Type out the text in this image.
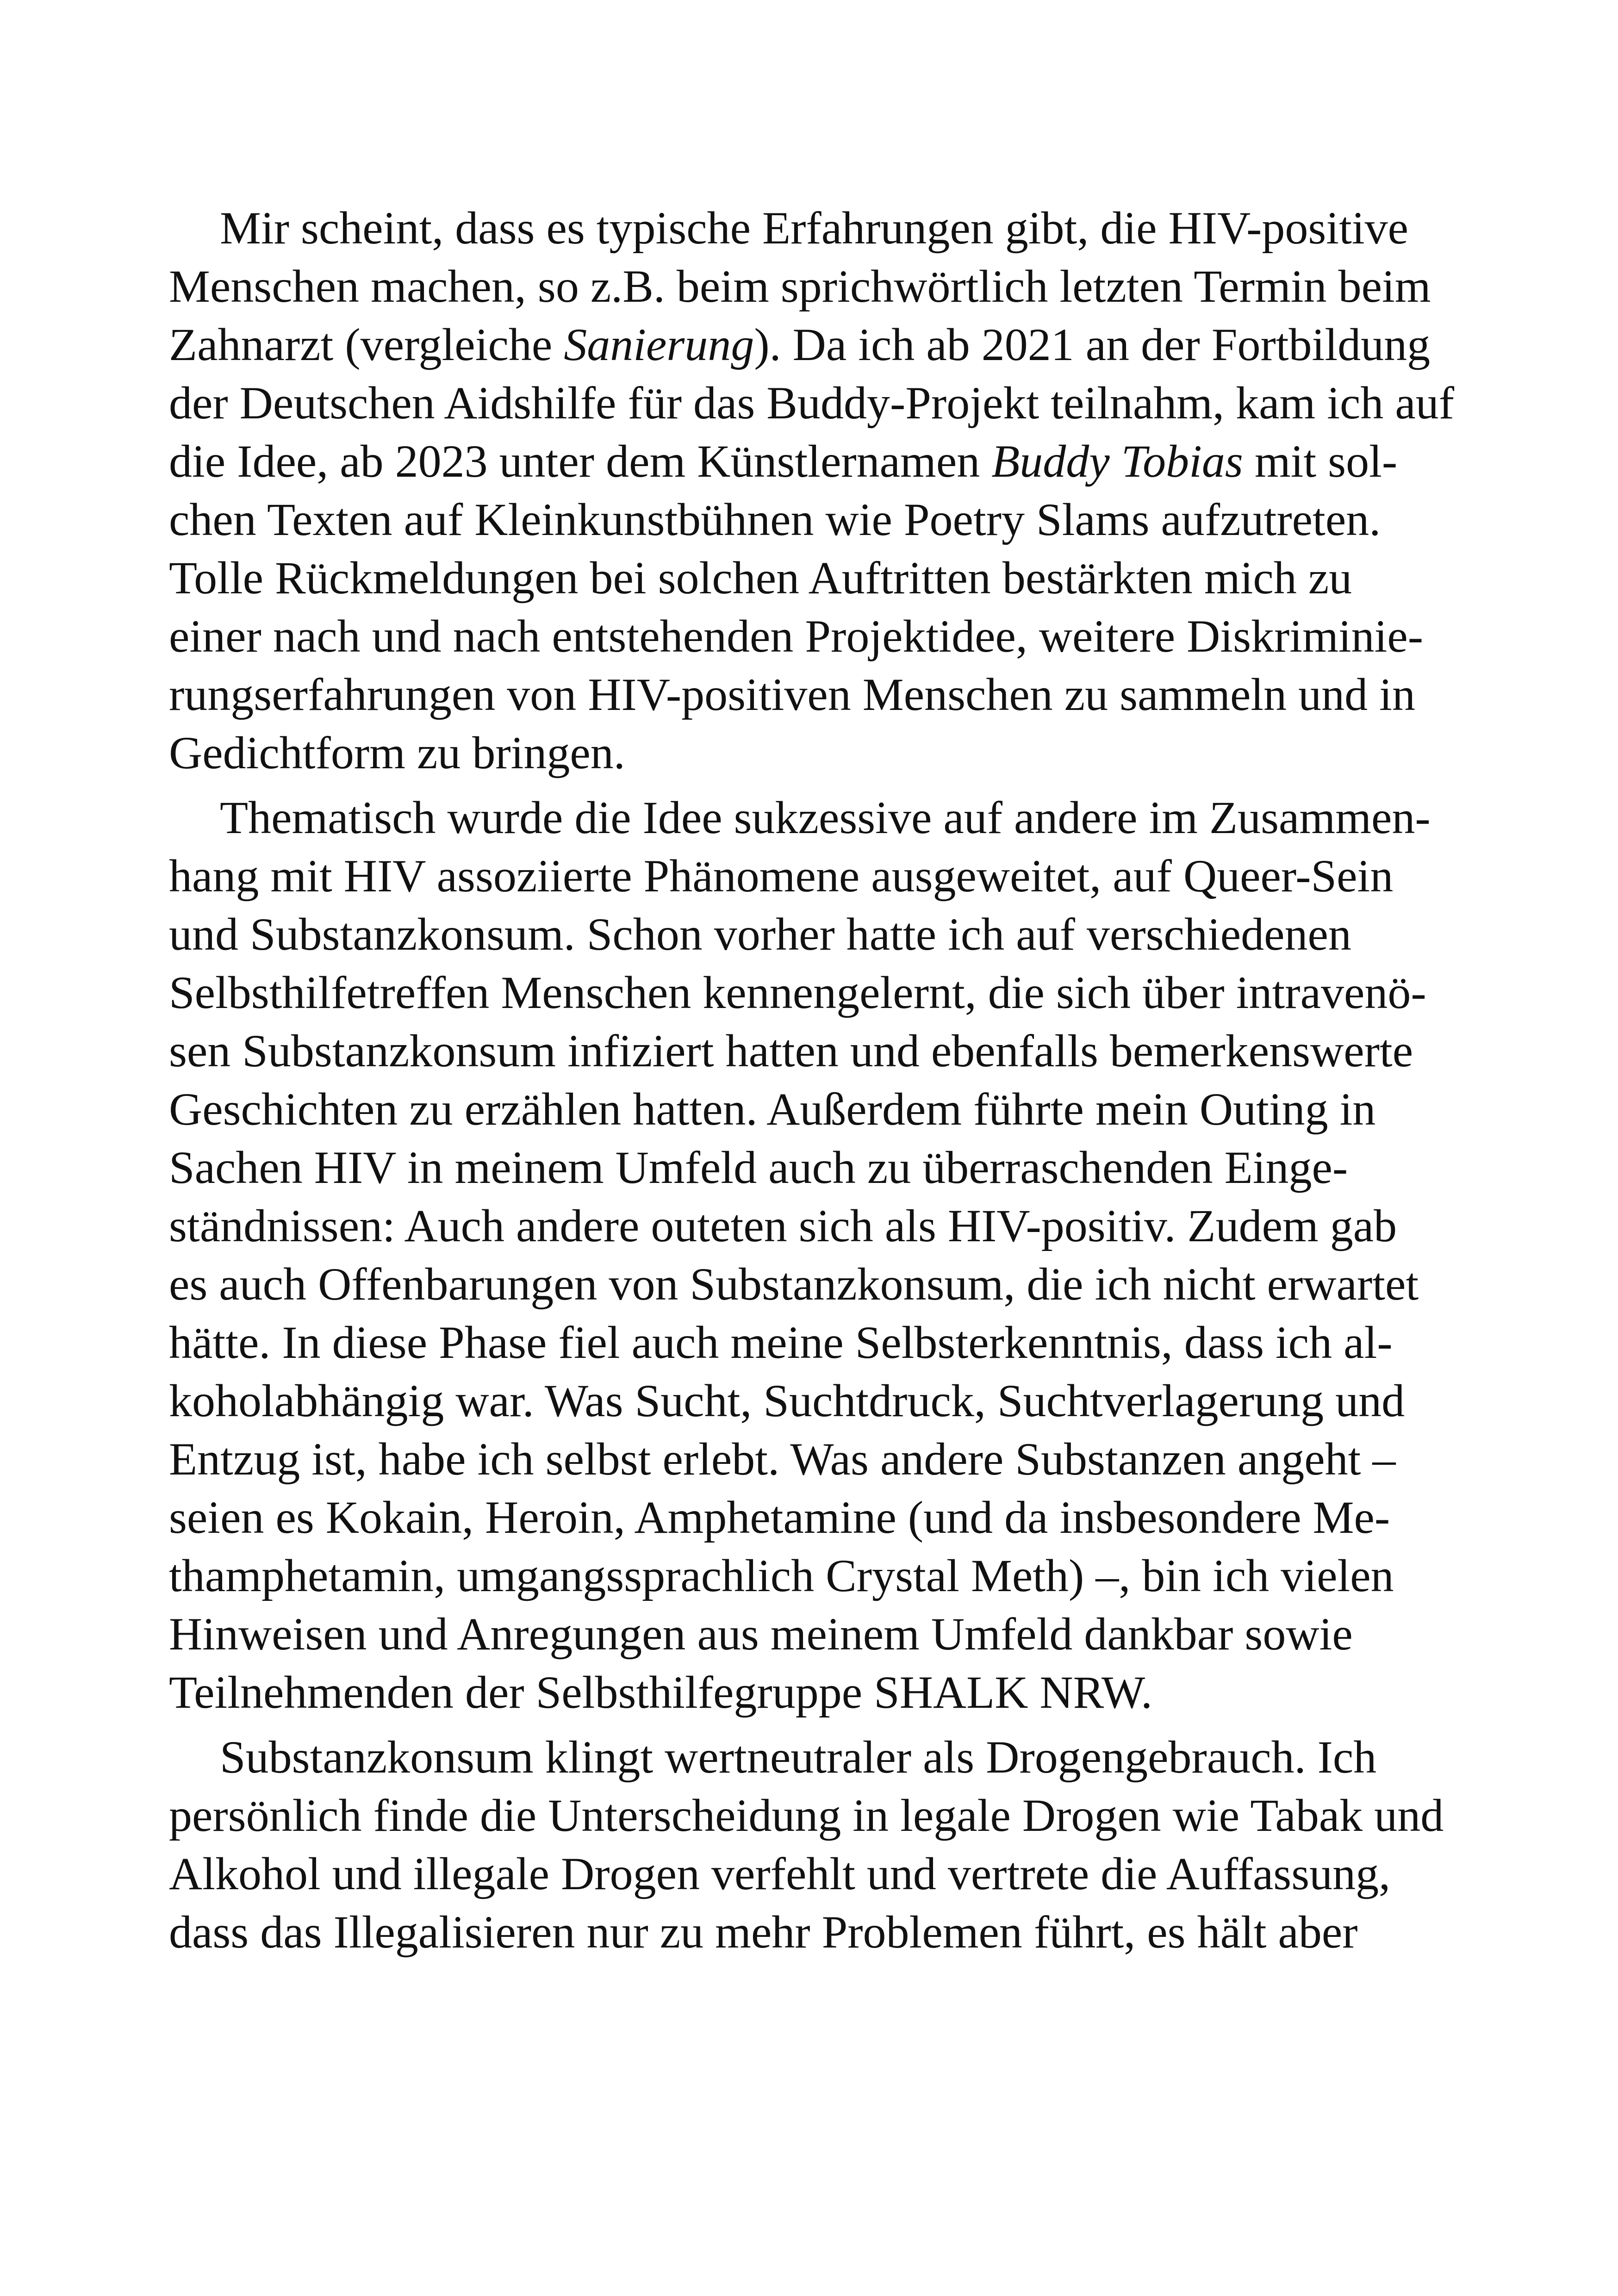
Mir scheint, dass es typische Erfahrungen gibt, die HIV-positive
Menschen machen, so z.B. beim sprichwörtlich letzten Termin beim
Zahnarzt (vergleiche Sanierung). Da ich ab 2021 an der Fortbildung
der Deutschen Aidshilfe für das Buddy-Projekt teilnahm, kam ich auf
die Idee, ab 2023 unter dem Künstlernamen Buddy Tobias mit sol-
chen Texten auf Kleinkunstbühnen wie Poetry Slams aufzutreten.
Tolle Rückmeldungen bei solchen Auftritten bestärkten mich zu
einer nach und nach entstehenden Projektidee, weitere Diskriminie-
rungserfahrungen von HIV-positiven Menschen zu sammeln und in
Gedichtform zu bringen.

Thematisch wurde die Idee sukzessive auf andere im Zusammen-
hang mit HIV assoziierte Phänomene ausgeweitet, auf Queer-Sein
und Substanzkonsum. Schon vorher hatte ich auf verschiedenen
Selbsthilfetreffen Menschen kennengelernt, die sich über intravenö-
sen Substanzkonsum infiziert hatten und ebenfalls bemerkenswerte
Geschichten zu erzählen hatten. Außerdem führte mein Outing in
Sachen HIV in meinem Umfeld auch zu überraschenden Einge-
ständnissen: Auch andere outeten sich als HIV-positiv. Zudem gab
es auch Offenbarungen von Substanzkonsum, die ich nicht erwartet
hätte. In diese Phase fiel auch meine Selbsterkenntnis, dass ich al-
koholabhängig war. Was Sucht, Suchtdruck, Suchtverlagerung und
Entzug ist, habe ich selbst erlebt. Was andere Substanzen angeht –
seien es Kokain, Heroin, Amphetamine (und da insbesondere Me-
thamphetamin, umgangssprachlich Crystal Meth) –, bin ich vielen
Hinweisen und Anregungen aus meinem Umfeld dankbar sowie
Teilnehmenden der Selbsthilfegruppe SHALK NRW.

Substanzkonsum klingt wertneutraler als Drogengebrauch. Ich
persönlich finde die Unterscheidung in legale Drogen wie Tabak und
Alkohol und illegale Drogen verfehlt und vertrete die Auffassung,
dass das Illegalisieren nur zu mehr Problemen führt, es hält aber
